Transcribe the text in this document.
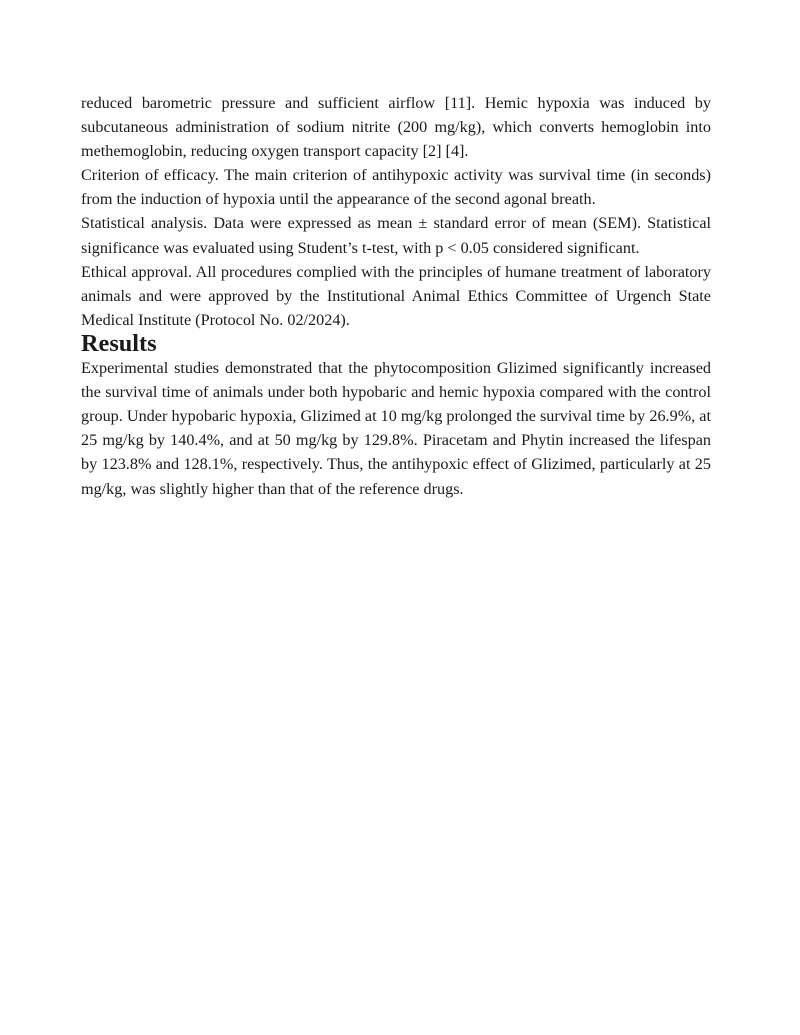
reduced barometric pressure and sufficient airflow [11]. Hemic hypoxia was induced by subcutaneous administration of sodium nitrite (200 mg/kg), which converts hemoglobin into methemoglobin, reducing oxygen transport capacity [2] [4].

Criterion of efficacy. The main criterion of antihypoxic activity was survival time (in seconds) from the induction of hypoxia until the appearance of the second agonal breath.

Statistical analysis. Data were expressed as mean ± standard error of mean (SEM). Statistical significance was evaluated using Student’s t-test, with p < 0.05 considered significant.

Ethical approval. All procedures complied with the principles of humane treatment of laboratory animals and were approved by the Institutional Animal Ethics Committee of Urgench State Medical Institute (Protocol No. 02/2024).

Results

Experimental studies demonstrated that the phytocomposition Glizimed significantly increased the survival time of animals under both hypobaric and hemic hypoxia compared with the control group. Under hypobaric hypoxia, Glizimed at 10 mg/kg prolonged the survival time by 26.9%, at 25 mg/kg by 140.4%, and at 50 mg/kg by 129.8%. Piracetam and Phytin increased the lifespan by 123.8% and 128.1%, respectively. Thus, the antihypoxic effect of Glizimed, particularly at 25 mg/kg, was slightly higher than that of the reference drugs.
